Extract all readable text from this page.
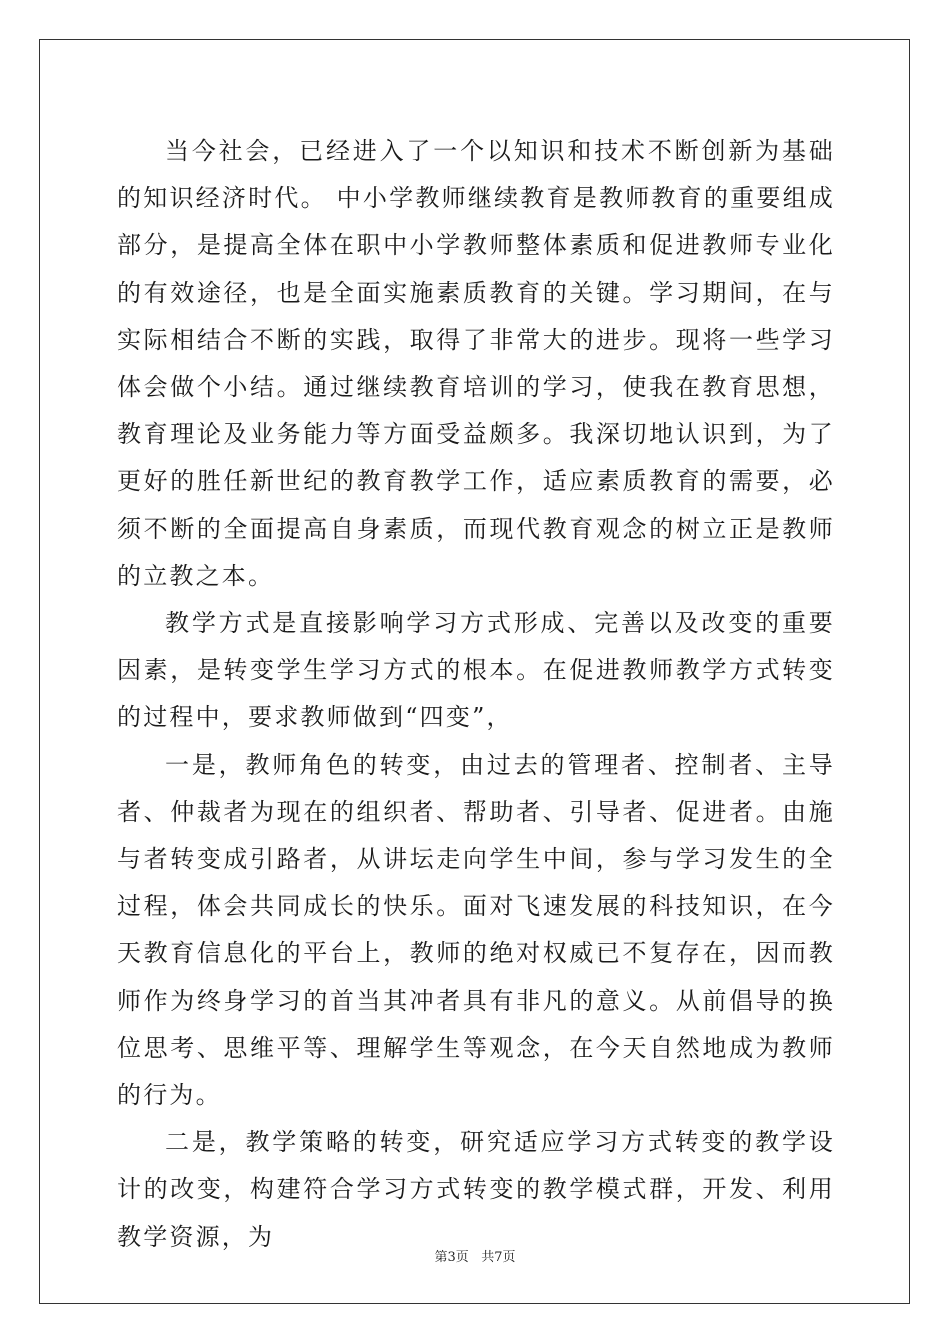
当今社会，已经进入了一个以知识和技术不断创新为基础的知识经济时代。 中小学教师继续教育是教师教育的重要组成部分，是提高全体在职中小学教师整体素质和促进教师专业化的有效途径，也是全面实施素质教育的关键。学习期间，在与实际相结合不断的实践，取得了非常大的进步。现将一些学习体会做个小结。通过继续教育培训的学习，使我在教育思想，教育理论及业务能力等方面受益颇多。我深切地认识到，为了更好的胜任新世纪的教育教学工作，适应素质教育的需要，必须不断的全面提高自身素质，而现代教育观念的树立正是教师的立教之本。

教学方式是直接影响学习方式形成、完善以及改变的重要因素，是转变学生学习方式的根本。在促进教师教学方式转变的过程中，要求教师做到“四变”，

一是，教师角色的转变，由过去的管理者、控制者、主导者、仲裁者为现在的组织者、帮助者、引导者、促进者。由施与者转变成引路者，从讲坛走向学生中间，参与学习发生的全过程，体会共同成长的快乐。面对飞速发展的科技知识，在今天教育信息化的平台上，教师的绝对权威已不复存在，因而教师作为终身学习的首当其冲者具有非凡的意义。从前倡导的换位思考、思维平等、理解学生等观念，在今天自然地成为教师的行为。

二是，教学策略的转变，研究适应学习方式转变的教学设计的改变，构建符合学习方式转变的教学模式群，开发、利用教学资源，为

第3页 共7页
